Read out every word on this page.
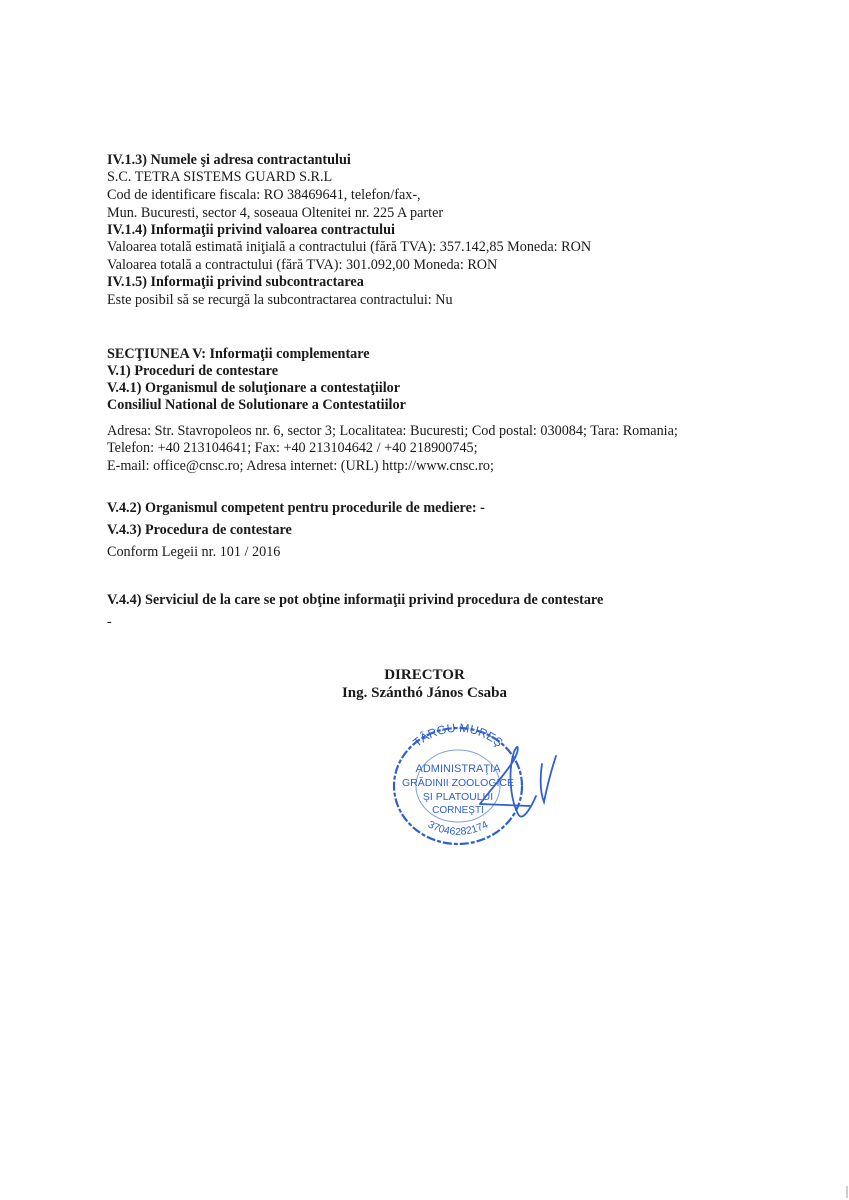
IV.1.3) Numele şi adresa contractantului
S.C. TETRA SISTEMS GUARD S.R.L
Cod de identificare fiscala: RO 38469641, telefon/fax-,
Mun. Bucuresti, sector 4, soseaua Oltenitei nr. 225 A parter
IV.1.4) Informaţii privind valoarea contractului
Valoarea totală estimată iniţială a contractului (fără TVA): 357.142,85 Moneda: RON
Valoarea totală a contractului (fără TVA): 301.092,00 Moneda: RON
IV.1.5) Informaţii privind subcontractarea
Este posibil să se recurgă la subcontractarea contractului: Nu
SECŢIUNEA V: Informaţii complementare
V.1) Proceduri de contestare
V.4.1) Organismul de soluţionare a contestaţiilor
Consiliul National de Solutionare a Contestatiilor
Adresa: Str. Stavropoleos nr. 6, sector 3; Localitatea: Bucuresti; Cod postal: 030084; Tara: Romania;
Telefon: +40 213104641; Fax: +40 213104642 / +40 218900745;
E-mail: office@cnsc.ro; Adresa internet: (URL) http://www.cnsc.ro;
V.4.2) Organismul competent pentru procedurile de mediere: -
V.4.3) Procedura de contestare
Conform Legeii nr. 101 / 2016
V.4.4) Serviciul de la care se pot obţine informaţii privind procedura de contestare
-
DIRECTOR
Ing. Szánthó János Csaba
TÂRGU MUREŞ
37046282174
ADMINISTRAŢIA
GRĂDINII ZOOLOGICE
ŞI PLATOULUI
CORNEŞTI
